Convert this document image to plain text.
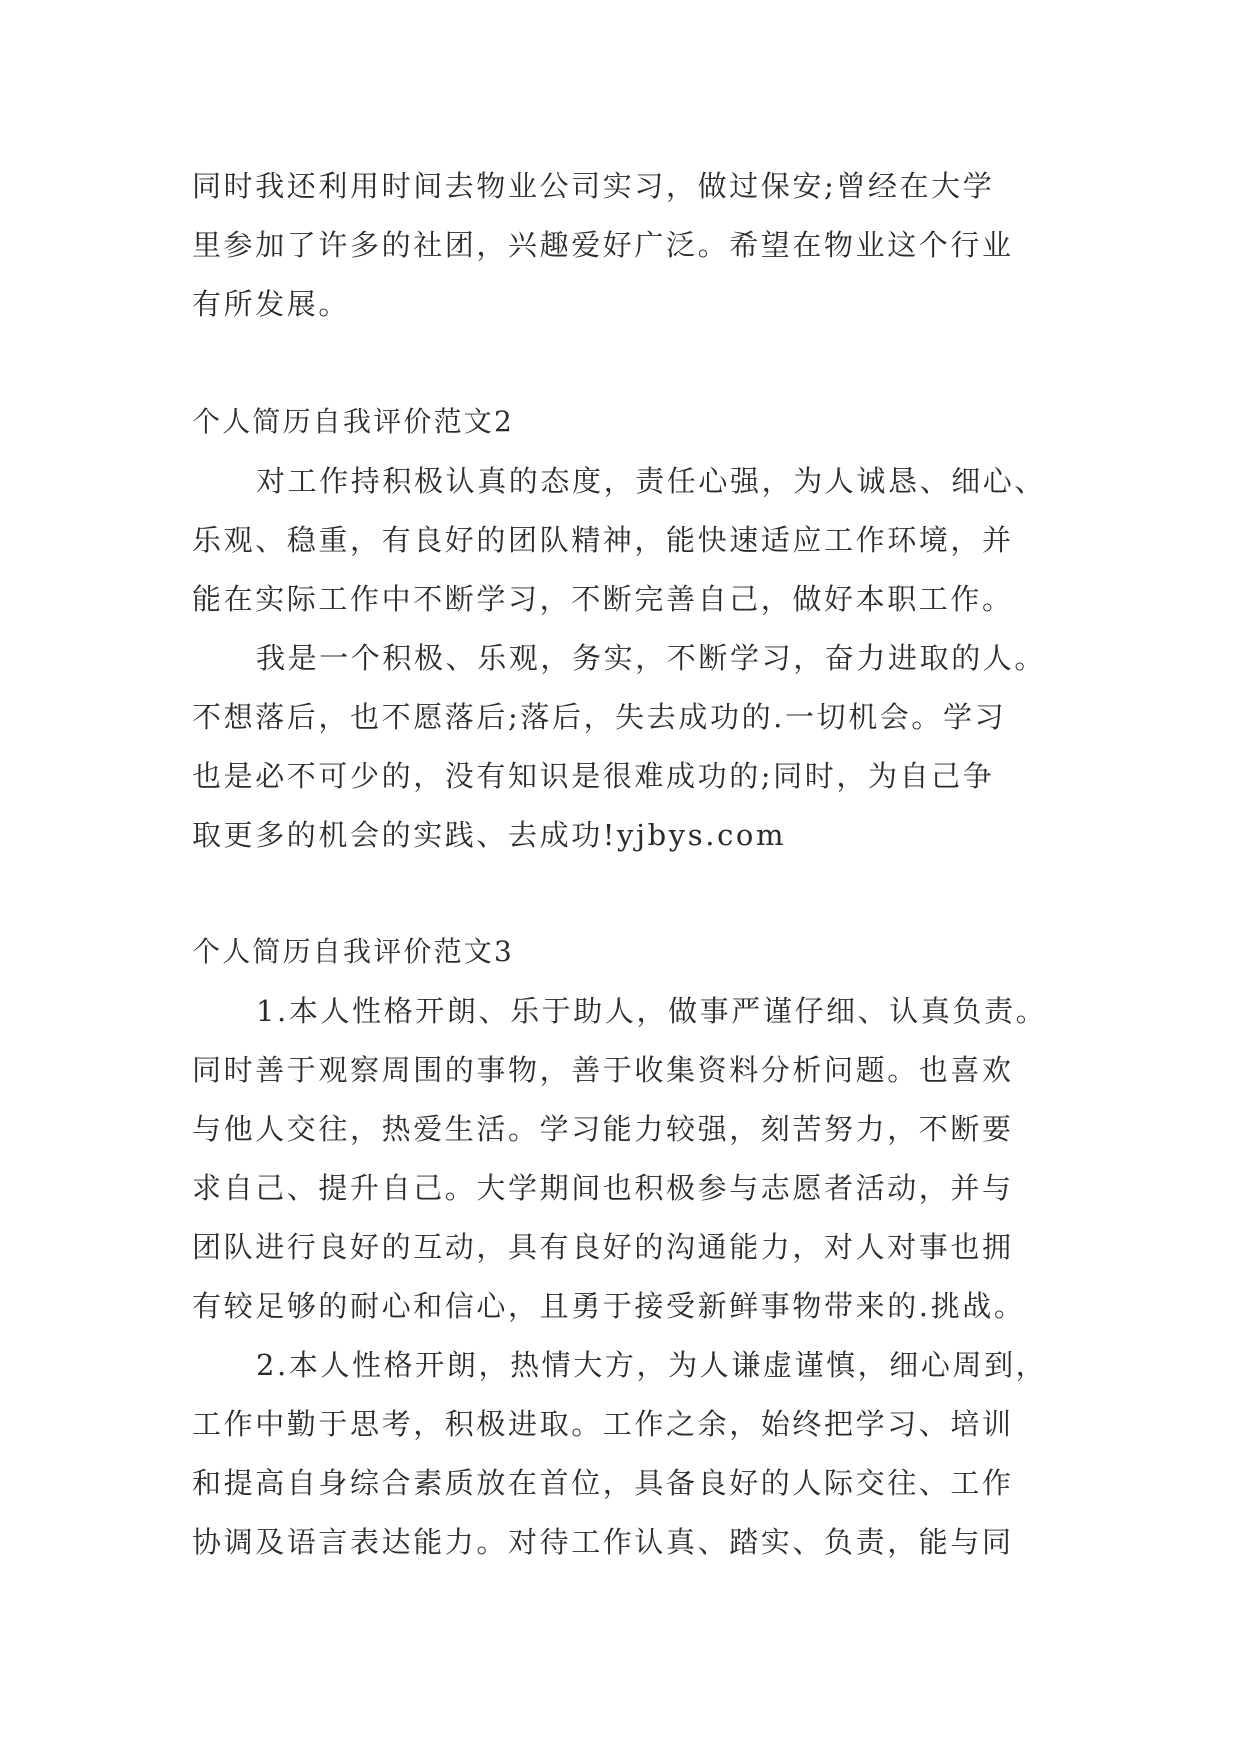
同时我还利用时间去物业公司实习，做过保安;曾经在大学
里参加了许多的社团，兴趣爱好广泛。希望在物业这个行业
有所发展。
个人简历自我评价范文2
对工作持积极认真的态度，责任心强，为人诚恳、细心、
乐观、稳重，有良好的团队精神，能快速适应工作环境，并
能在实际工作中不断学习，不断完善自己，做好本职工作。
我是一个积极、乐观，务实，不断学习，奋力进取的人。
不想落后，也不愿落后;落后，失去成功的.一切机会。学习
也是必不可少的，没有知识是很难成功的;同时，为自己争
取更多的机会的实践、去成功!yjbys.com
个人简历自我评价范文3
1.本人性格开朗、乐于助人，做事严谨仔细、认真负责。
同时善于观察周围的事物，善于收集资料分析问题。也喜欢
与他人交往，热爱生活。学习能力较强，刻苦努力，不断要
求自己、提升自己。大学期间也积极参与志愿者活动，并与
团队进行良好的互动，具有良好的沟通能力，对人对事也拥
有较足够的耐心和信心，且勇于接受新鲜事物带来的.挑战。
2.本人性格开朗，热情大方，为人谦虚谨慎，细心周到，
工作中勤于思考，积极进取。工作之余，始终把学习、培训
和提高自身综合素质放在首位，具备良好的人际交往、工作
协调及语言表达能力。对待工作认真、踏实、负责，能与同
